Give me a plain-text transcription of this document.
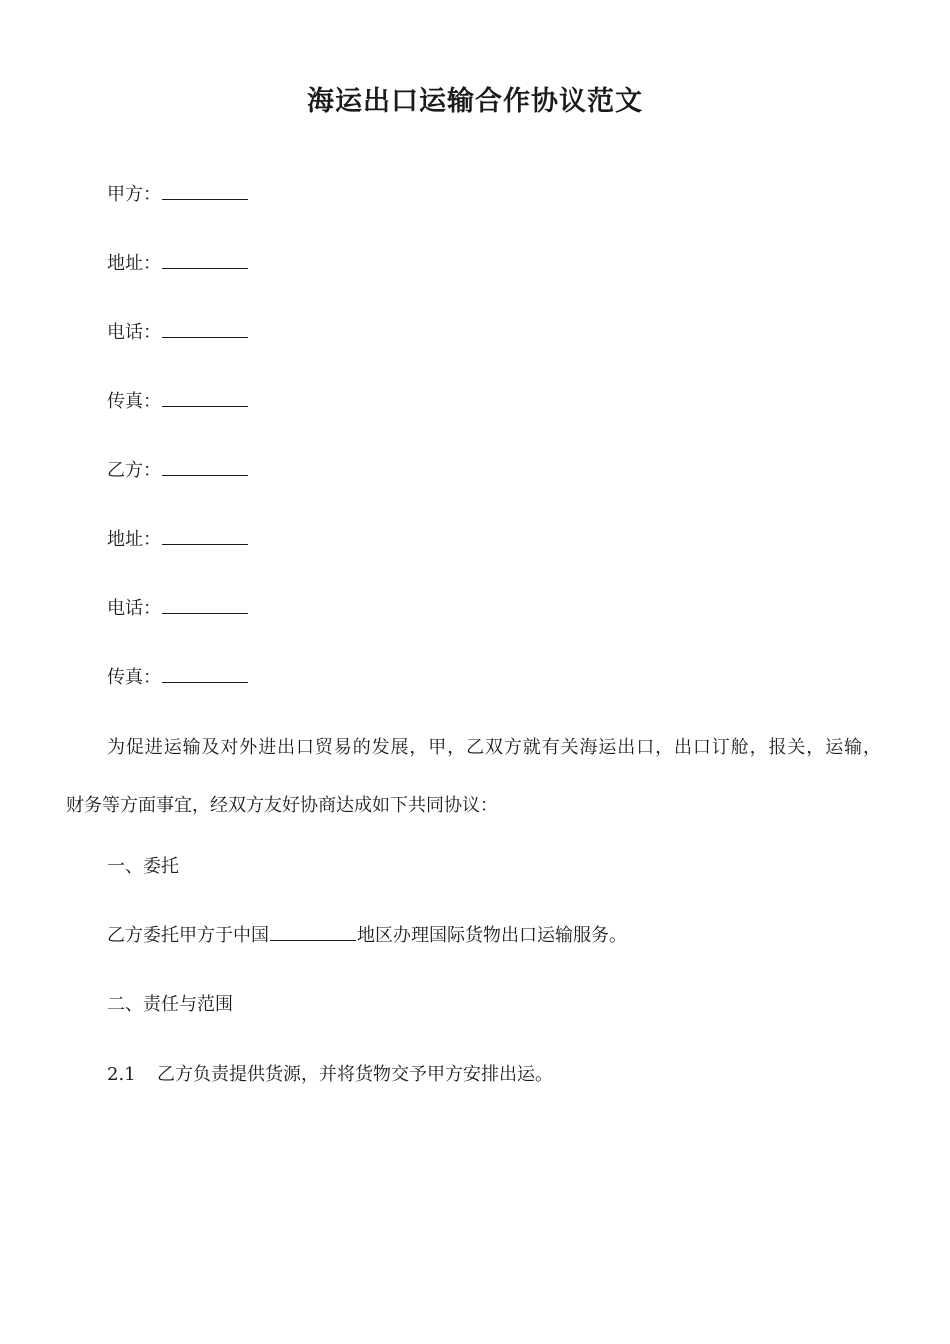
海运出口运输合作协议范文

甲方：

地址：

电话：

传真：

乙方：

地址：

电话：

传真：

为促进运输及对外进出口贸易的发展，甲，乙双方就有关海运出口，出口订舱，报关，运输，
财务等方面事宜，经双方友好协商达成如下共同协议：

一、委托

乙方委托甲方于中国	地区办理国际货物出口运输服务。

二、责任与范围

2.1 乙方负责提供货源，并将货物交予甲方安排出运。
